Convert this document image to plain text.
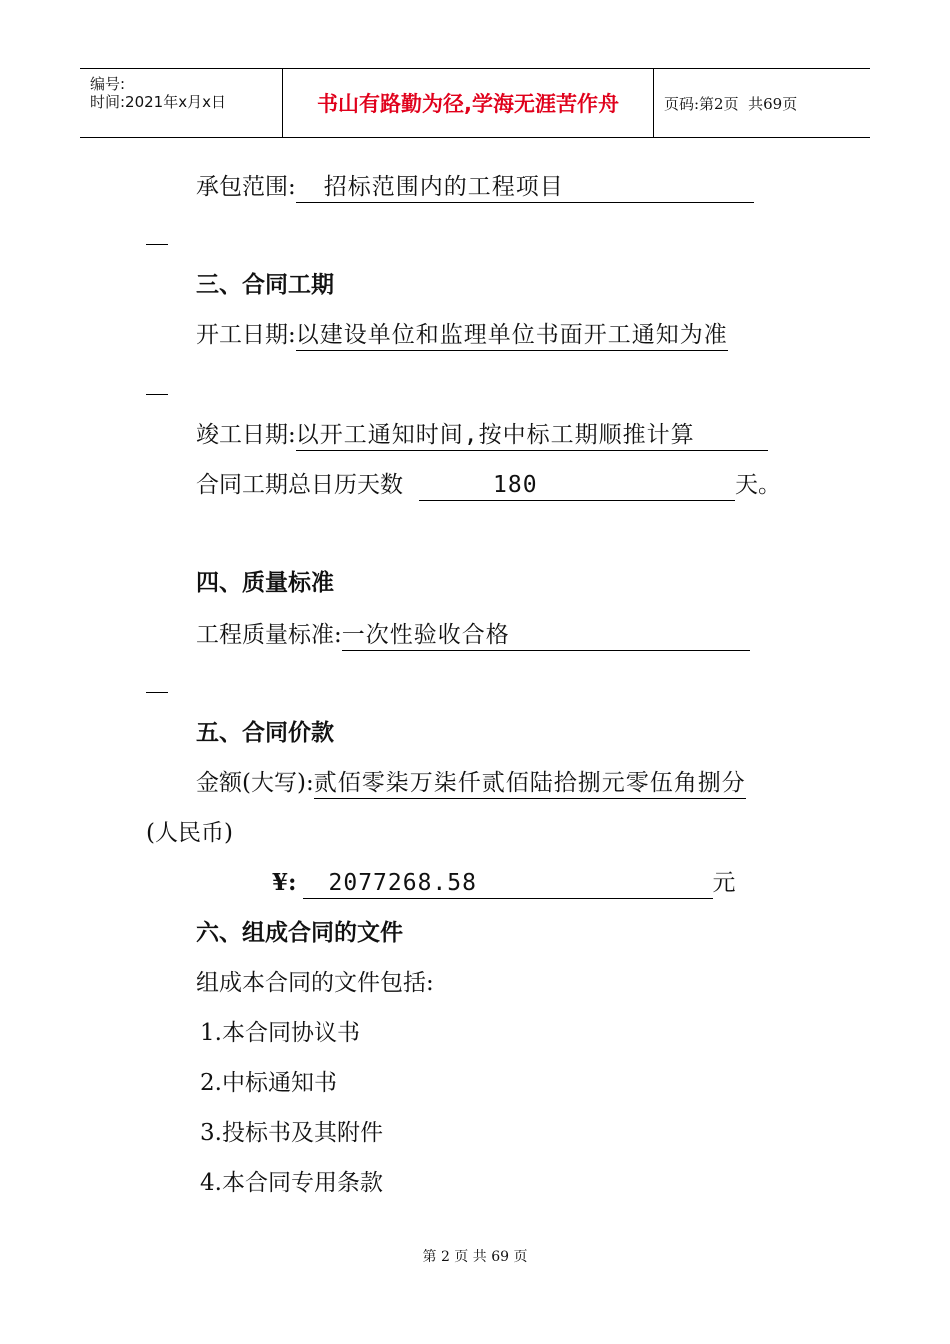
编号:
时间:2021年x月x日	书山有路勤为径,学海无涯苦作舟	页码:第2页  共69页
承包范围: 招标范围内的工程项目
三、合同工期
开工日期:以建设单位和监理单位书面开工通知为准
竣工日期:以开工通知时间,按中标工期顺推计算
合同工期总日历天数	180	天。
四、质量标准
工程质量标准:一次性验收合格
五、合同价款
金额(大写):贰佰零柒万柒仟贰佰陆拾捌元零伍角捌分
(人民币)
¥: 2077268.58	元
六、组成合同的文件
组成本合同的文件包括:
1.本合同协议书
2.中标通知书
3.投标书及其附件
4.本合同专用条款
第 2 页 共 69 页
